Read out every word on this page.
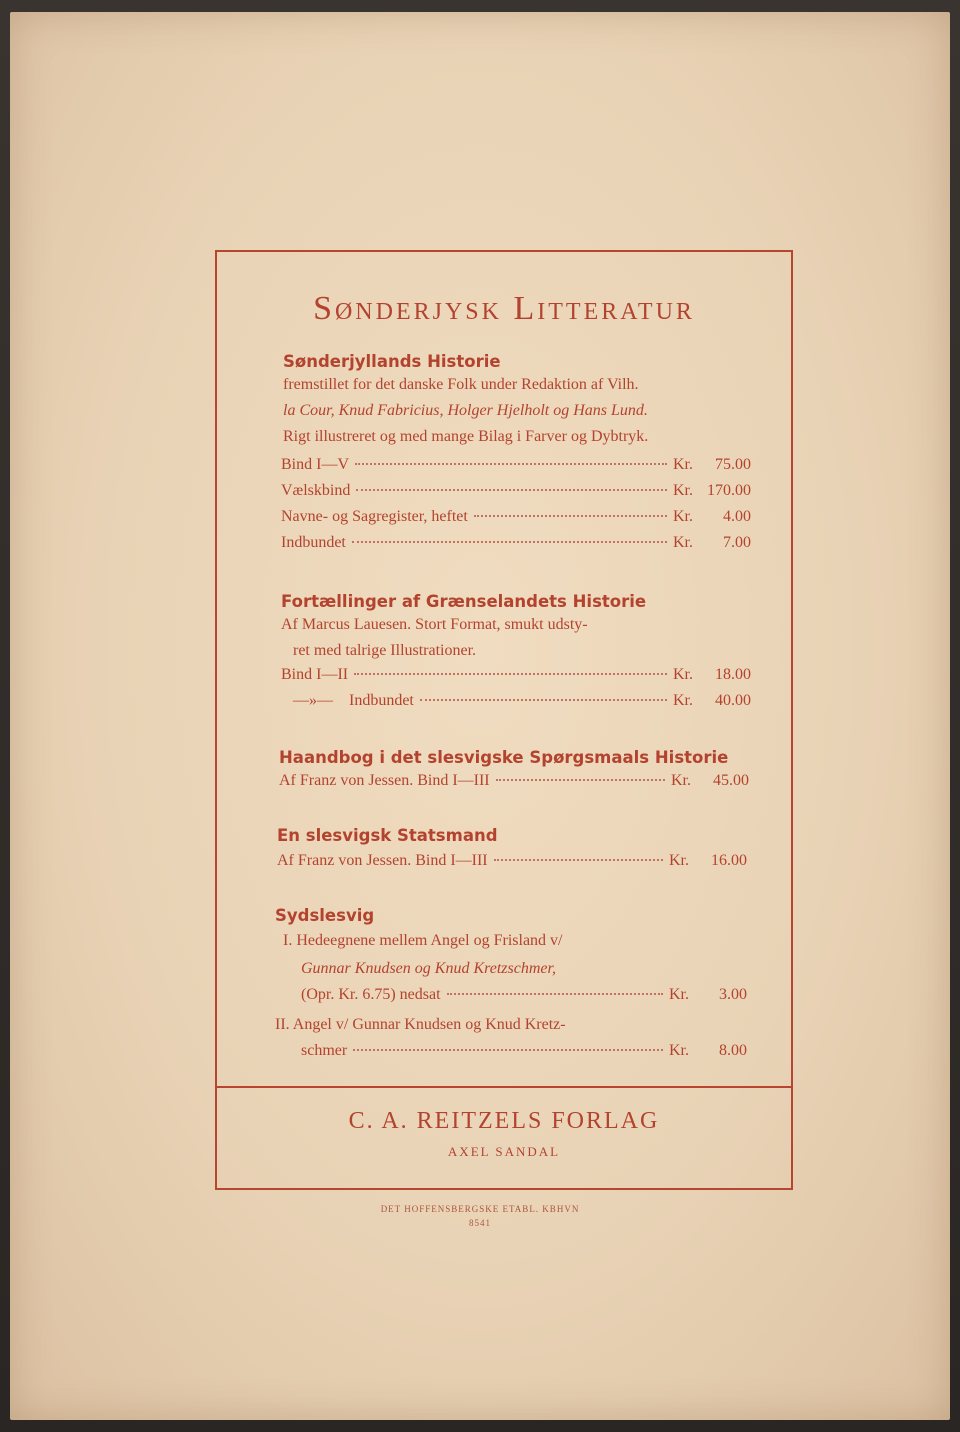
Sønderjysk Litteratur
Sønderjyllands Historie
fremstillet for det danske Folk under Redaktion af Vilh.
la Cour, Knud Fabricius, Holger Hjelholt og Hans Lund.
Rigt illustreret og med mange Bilag i Farver og Dybtryk.
Bind I—V	Kr.	75.00
Vælskbind	Kr. 170.00
Navne- og Sagregister, heftet	Kr.	4.00
Indbundet	Kr.	7.00
Fortællinger af Grænselandets Historie
Af Marcus Lauesen. Stort Format, smukt udsty-
ret med talrige Illustrationer.
Bind I—II	Kr.	18.00
—»—    Indbundet	Kr.	40.00
Haandbog i det slesvigske Spørgsmaals Historie
Af Franz von Jessen. Bind I—III	Kr.	45.00
En slesvigsk Statsmand
Af Franz von Jessen. Bind I—III	Kr.	16.00
Sydslesvig
I. Hedeegnene mellem Angel og Frisland v/
Gunnar Knudsen og Knud Kretzschmer,
(Opr. Kr. 6.75) nedsat	Kr.	3.00
II. Angel v/ Gunnar Knudsen og Knud Kretz-
schmer	Kr.	8.00
C. A. REITZELS FORLAG
AXEL SANDAL
DET HOFFENSBERGSKE ETABL. KBHVN
8541
